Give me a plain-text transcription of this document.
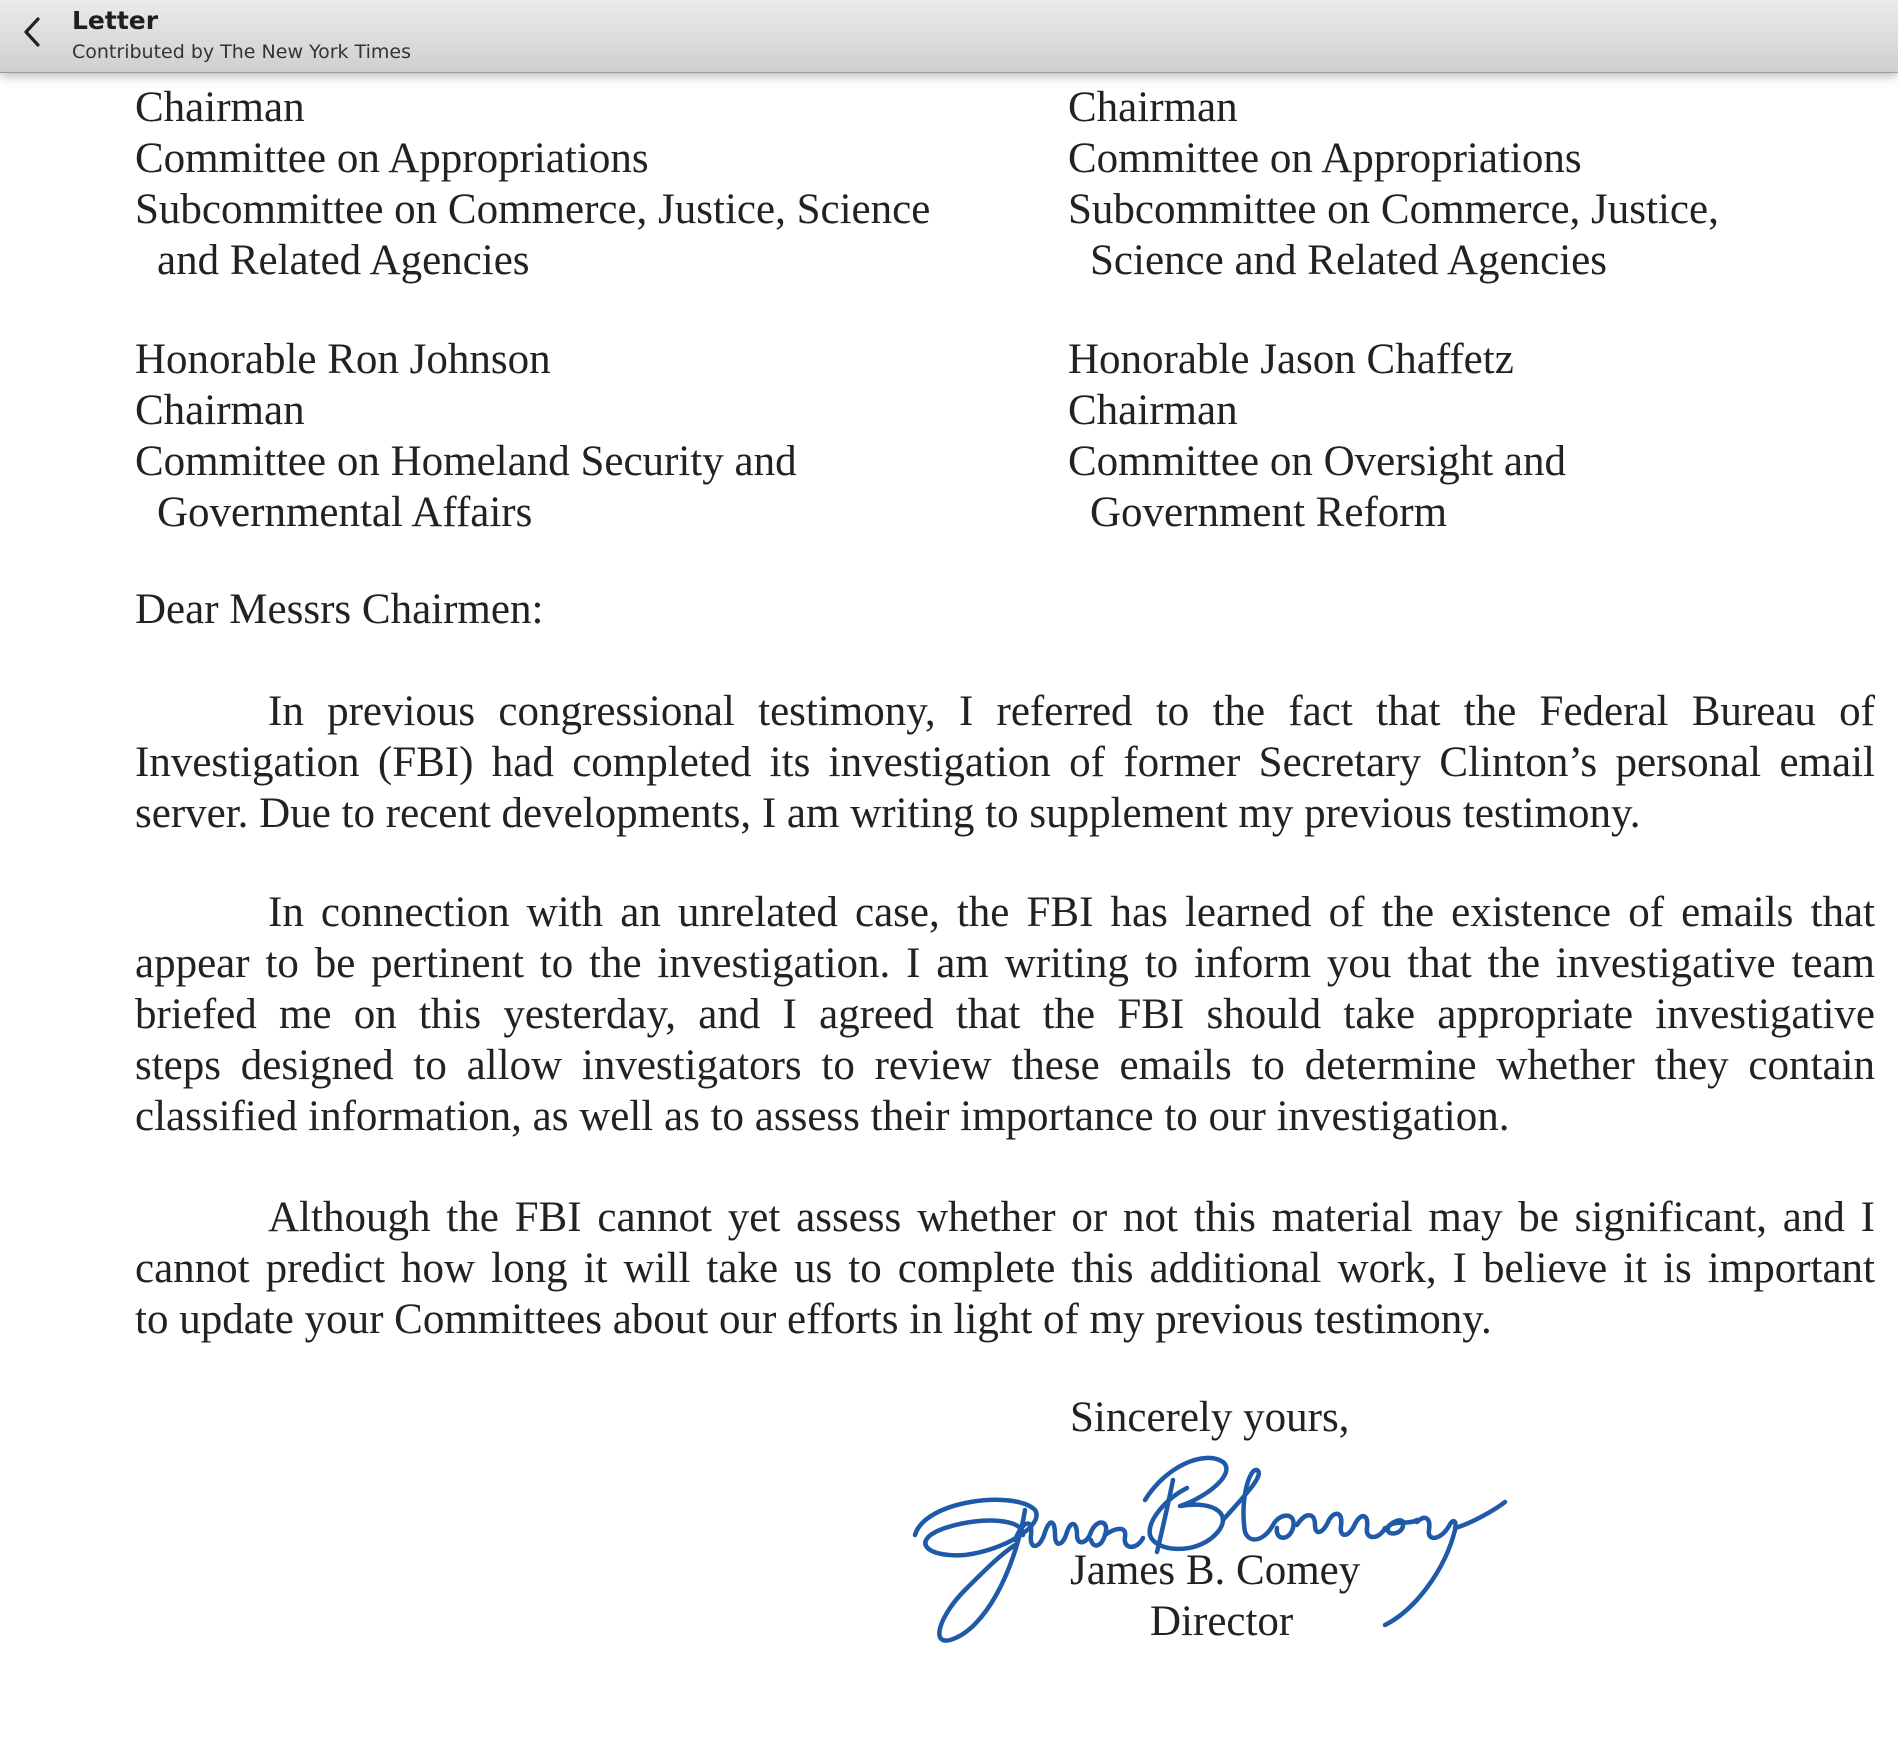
Letter
Contributed by The New York Times
Chairman
Committee on Appropriations
Subcommittee on Commerce, Justice, Science
and Related Agencies
Chairman
Committee on Appropriations
Subcommittee on Commerce, Justice,
Science and Related Agencies
Honorable Ron Johnson
Chairman
Committee on Homeland Security and
Governmental Affairs
Honorable Jason Chaffetz
Chairman
Committee on Oversight and
Government Reform
Dear Messrs Chairmen:
In previous congressional testimony, I referred to the fact that the Federal Bureau of
Investigation (FBI) had completed its investigation of former Secretary Clinton’s personal email
server. Due to recent developments, I am writing to supplement my previous testimony.
In connection with an unrelated case, the FBI has learned of the existence of emails that
appear to be pertinent to the investigation. I am writing to inform you that the investigative team
briefed me on this yesterday, and I agreed that the FBI should take appropriate investigative
steps designed to allow investigators to review these emails to determine whether they contain
classified information, as well as to assess their importance to our investigation.
Although the FBI cannot yet assess whether or not this material may be significant, and I
cannot predict how long it will take us to complete this additional work, I believe it is important
to update your Committees about our efforts in light of my previous testimony.
Sincerely yours,
James B. Comey
Director
